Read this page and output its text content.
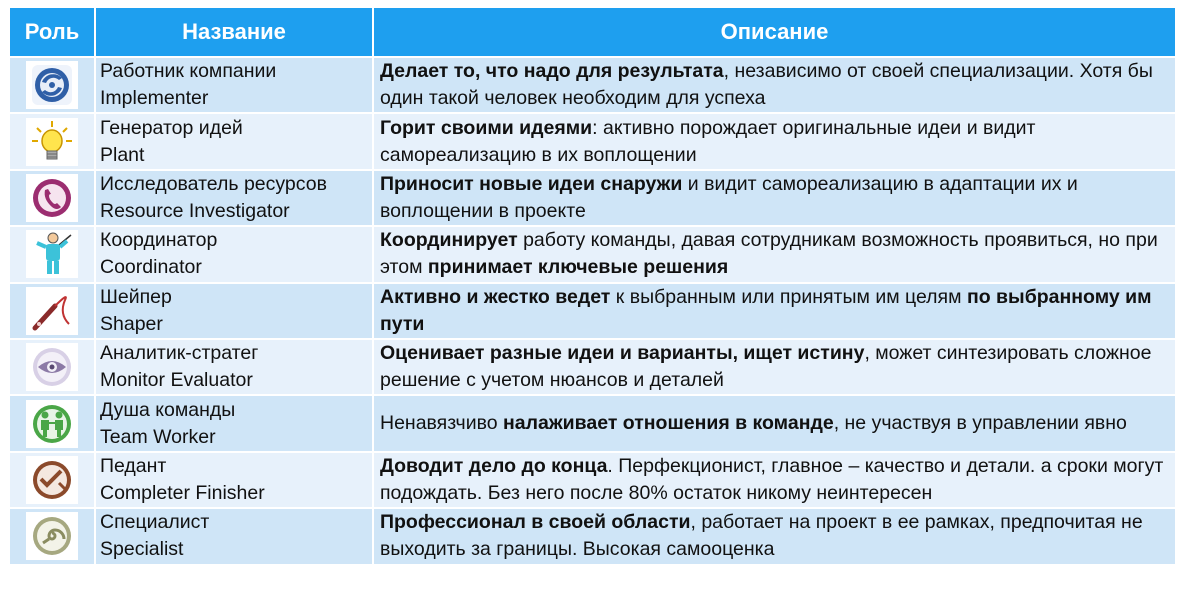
Роль	Название	Описание

Работник компании
Implementer	Делает то, что надо для результата, независимо от своей специализации. Хотя бы один такой человек необходим для успеха

Генератор идей
Plant	Горит своими идеями: активно порождает оригинальные идеи и видит самореализацию в их воплощении

Исследователь ресурсов
Resource Investigator	Приносит новые идеи снаружи и видит самореализацию в адаптации их и воплощении в проекте

Координатор
Coordinator	Координирует работу команды, давая сотрудникам возможность проявиться, но при этом принимает ключевые решения

Шейпер
Shaper	Активно и жестко ведет к выбранным или принятым им целям по выбранному им пути

Аналитик-стратег
Monitor Evaluator	Оценивает разные идеи и варианты, ищет истину, может синтезировать сложное решение с учетом нюансов и деталей

Душа команды
Team Worker	Ненавязчиво налаживает отношения в команде, не участвуя в управлении явно

Педант
Completer Finisher	Доводит дело до конца. Перфекционист, главное – качество и детали. а сроки могут подождать. Без него после 80% остаток никому неинтересен

Специалист
Specialist	Профессионал в своей области, работает на проект в ее рамках, предпочитая не выходить за границы. Высокая самооценка
